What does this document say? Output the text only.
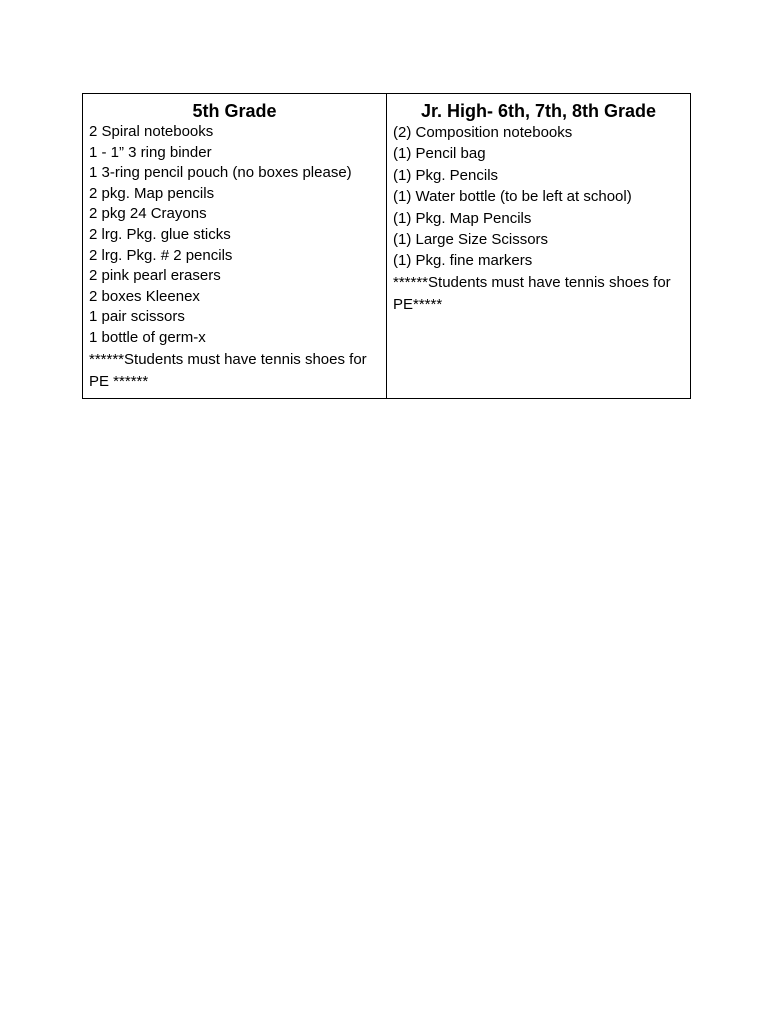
5th Grade
2 Spiral notebooks
1 - 1” 3 ring binder
1 3-ring pencil pouch (no boxes please)
2 pkg. Map pencils
2 pkg 24 Crayons
2 lrg. Pkg. glue sticks
2 lrg. Pkg. # 2 pencils
2 pink pearl erasers
2 boxes Kleenex
1 pair scissors
1 bottle of germ-x

******Students must have tennis shoes for PE ******

Jr. High- 6th, 7th, 8th Grade
(2) Composition notebooks
(1) Pencil bag
(1) Pkg. Pencils
(1) Water bottle (to be left at school)
(1) Pkg. Map Pencils
(1) Large Size Scissors
(1) Pkg. fine markers

******Students must have tennis shoes for PE*****
